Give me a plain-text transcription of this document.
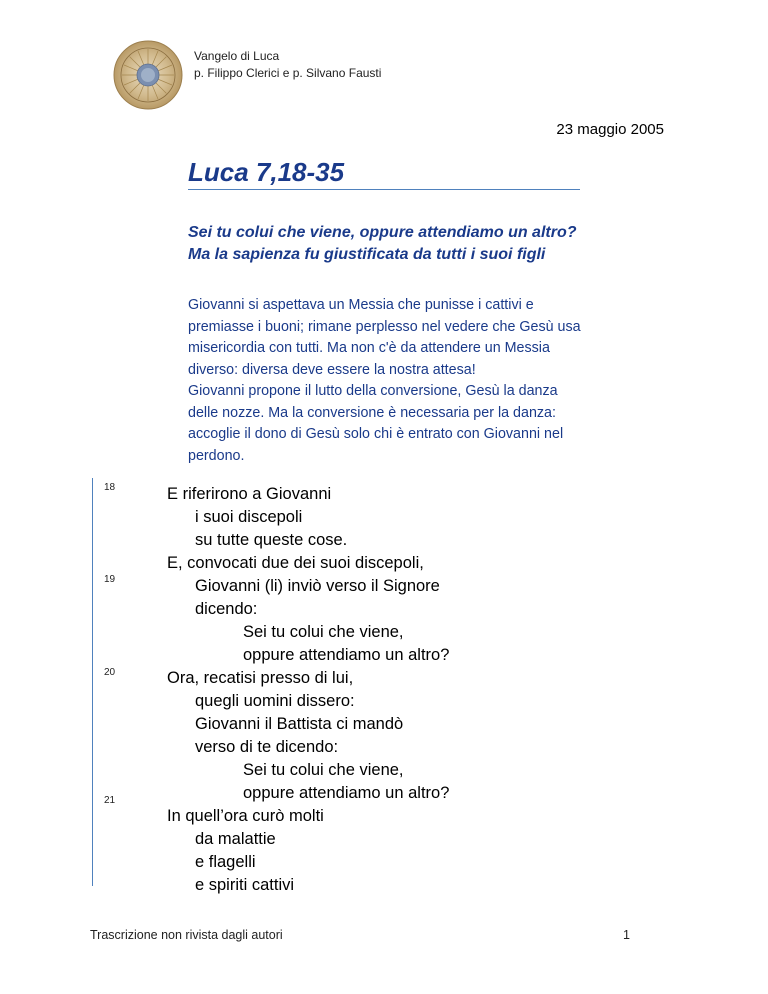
Vangelo di Luca
p. Filippo Clerici e p. Silvano Fausti
23 maggio 2005
Luca 7,18-35
Sei tu colui che viene, oppure attendiamo un altro?
Ma la sapienza fu giustificata da tutti i suoi figli
Giovanni si aspettava un Messia che punisse i cattivi e
premiasse i buoni; rimane perplesso nel vedere che Gesù usa
misericordia con tutti. Ma non c'è da attendere un Messia
diverso: diversa deve essere la nostra attesa!
Giovanni propone il lutto della conversione, Gesù la danza
delle nozze. Ma la conversione è necessaria per la danza:
accoglie il dono di Gesù solo chi è entrato con Giovanni nel
perdono.
18
19
20
21
E riferirono a Giovanni
i suoi discepoli
su tutte queste cose.
E, convocati due dei suoi discepoli,
Giovanni (li) inviò verso il Signore
dicendo:
Sei tu colui che viene,
oppure attendiamo un altro?
Ora, recatisi presso di lui,
quegli uomini dissero:
Giovanni il Battista ci mandò
verso di te dicendo:
Sei tu colui che viene,
oppure attendiamo un altro?
In quell’ora curò molti
da malattie
e flagelli
e spiriti cattivi
Trascrizione non rivista dagli autori	1
